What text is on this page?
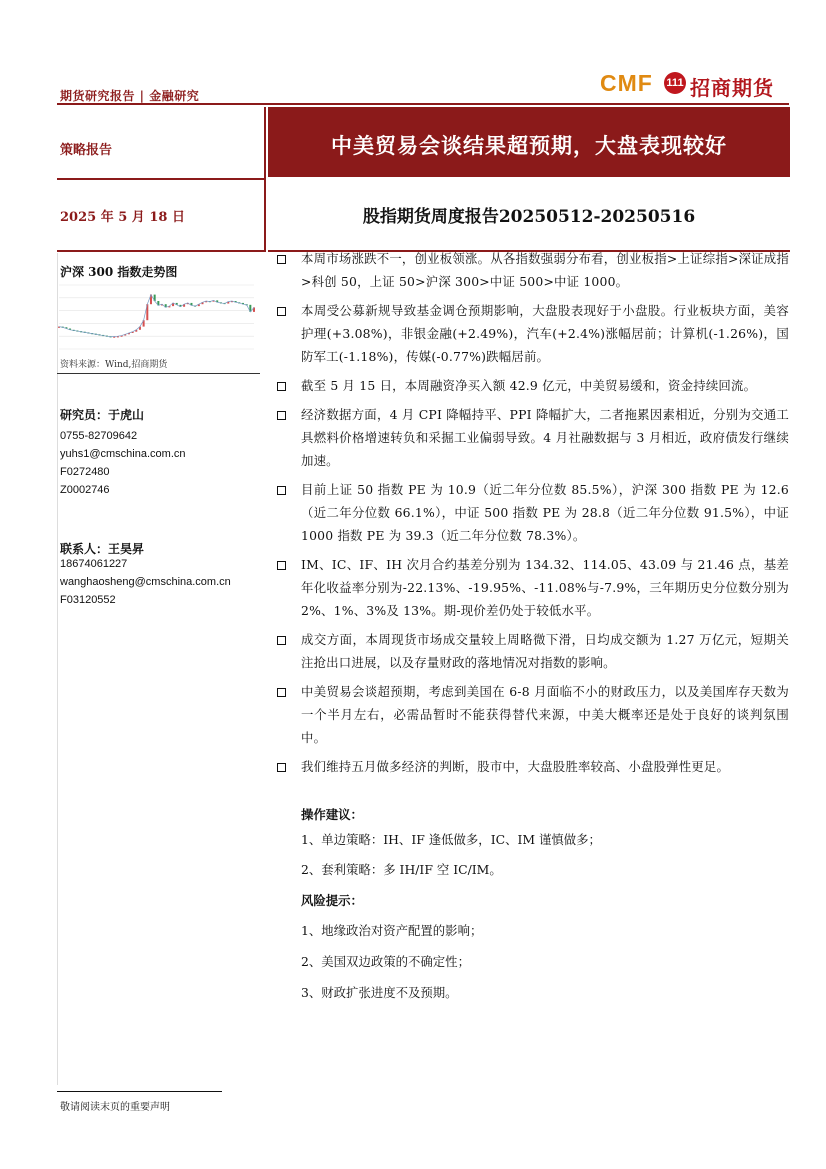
期货研究报告 | 金融研究	CMF 111 招商期货
策略报告
2025 年 5 月 18 日
中美贸易会谈结果超预期，大盘表现较好
股指期货周度报告20250512-20250516
沪深 300 指数走势图
资料来源：Wind,招商期货
研究员：于虎山
0755-82709642
yuhs1@cmschina.com.cn
F0272480
Z0002746
联系人：王昊昇
18674061227
wanghaosheng@cmschina.com.cn
F03120552
本周市场涨跌不一，创业板领涨。从各指数强弱分布看，创业板指>上证综指>深证成指>科创 50，上证 50>沪深 300>中证 500>中证 1000。
本周受公募新规导致基金调仓预期影响，大盘股表现好于小盘股。行业板块方面，美容护理(+3.08%)，非银金融(+2.49%)，汽车(+2.4%)涨幅居前；计算机(-1.26%)，国防军工(-1.18%)，传媒(-0.77%)跌幅居前。
截至 5 月 15 日，本周融资净买入额 42.9 亿元，中美贸易缓和，资金持续回流。
经济数据方面，4 月 CPI 降幅持平、PPI 降幅扩大，二者拖累因素相近，分别为交通工具燃料价格增速转负和采掘工业偏弱导致。4 月社融数据与 3 月相近，政府债发行继续加速。
目前上证 50 指数 PE 为 10.9（近二年分位数 85.5%），沪深 300 指数 PE 为 12.6（近二年分位数 66.1%），中证 500 指数 PE 为 28.8（近二年分位数 91.5%），中证 1000 指数 PE 为 39.3（近二年分位数 78.3%）。
IM、IC、IF、IH 次月合约基差分别为 134.32、114.05、43.09 与 21.46 点，基差年化收益率分别为-22.13%、-19.95%、-11.08%与-7.9%，三年期历史分位数分别为 2%、1%、3%及 13%。期-现价差仍处于较低水平。
成交方面，本周现货市场成交量较上周略微下滑，日均成交额为 1.27 万亿元，短期关注抢出口进展，以及存量财政的落地情况对指数的影响。
中美贸易会谈超预期，考虑到美国在 6-8 月面临不小的财政压力，以及美国库存天数为一个半月左右，必需品暂时不能获得替代来源，中美大概率还是处于良好的谈判氛围中。
我们维持五月做多经济的判断，股市中，大盘股胜率较高、小盘股弹性更足。
操作建议：
1、单边策略：IH、IF 逢低做多，IC、IM 谨慎做多；
2、套利策略：多 IH/IF 空 IC/IM。
风险提示：
1、地缘政治对资产配置的影响；
2、美国双边政策的不确定性；
3、财政扩张进度不及预期。
敬请阅读末页的重要声明
